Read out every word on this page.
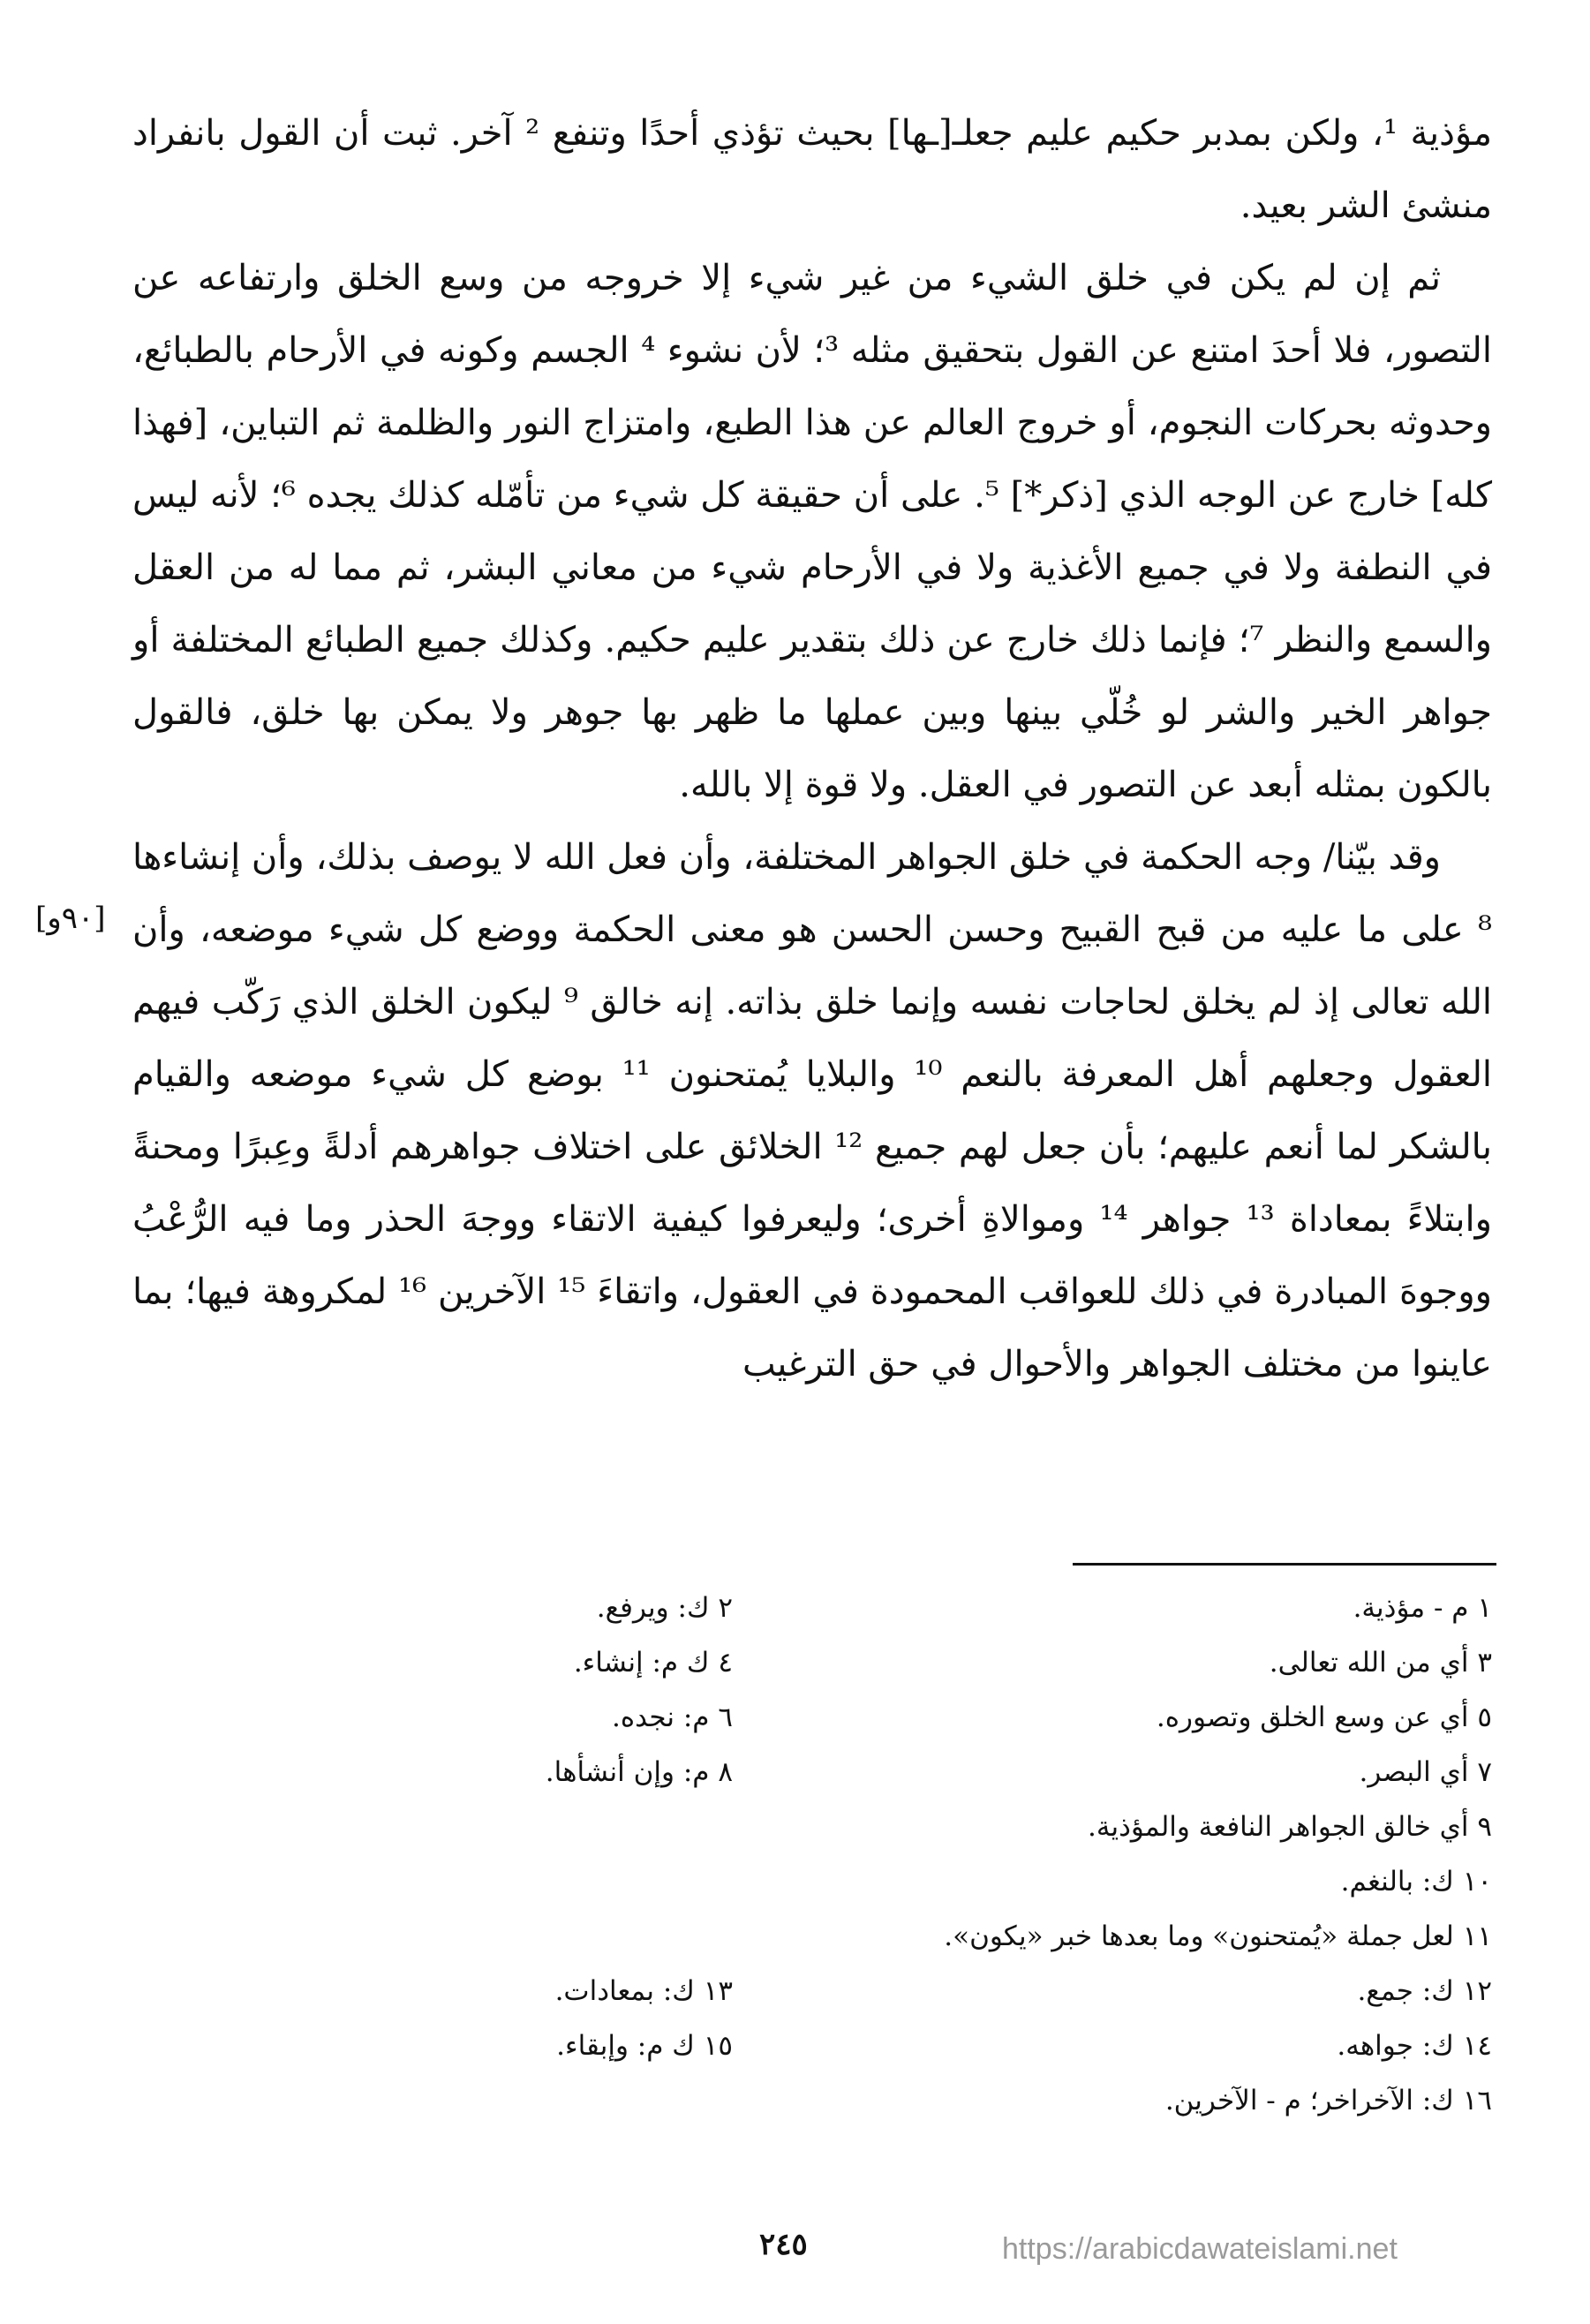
مؤذية ¹، ولكن بمدبر حكيم عليم جعلـ[ـها] بحيث تؤذي أحدًا وتنفع ² آخر. ثبت أن القول بانفراد منشئ الشر بعيد.

ثم إن لم يكن في خلق الشيء من غير شيء إلا خروجه من وسع الخلق وارتفاعه عن التصور، فلا أحدَ امتنع عن القول بتحقيق مثله ³؛ لأن نشوء ⁴ الجسم وكونه في الأرحام بالطبائع، وحدوثه بحركات النجوم، أو خروج العالم عن هذا الطبع، وامتزاج النور والظلمة ثم التباين، [فهذا كله] خارج عن الوجه الذي [ذكر*] ⁵. على أن حقيقة كل شيء من تأمّله كذلك يجده ⁶؛ لأنه ليس في النطفة ولا في جميع الأغذية ولا في الأرحام شيء من معاني البشر، ثم مما له من العقل والسمع والنظر ⁷؛ فإنما ذلك خارج عن ذلك بتقدير عليم حكيم. وكذلك جميع الطبائع المختلفة أو جواهر الخير والشر لو خُلّي بينها وبين عملها ما ظهر بها جوهر ولا يمكن بها خلق، فالقول بالكون بمثله أبعد عن التصور في العقل. ولا قوة إلا بالله.

وقد بيّنا/ وجه الحكمة في خلق الجواهر المختلفة، وأن فعل الله لا يوصف بذلك، وأن إنشاءها ⁸ على ما عليه من قبح القبيح وحسن الحسن هو معنى الحكمة ووضع كل شيء موضعه، وأن الله تعالى إذ لم يخلق لحاجات نفسه وإنما خلق بذاته. إنه خالق ⁹ ليكون الخلق الذي رَكّب فيهم العقول وجعلهم أهل المعرفة بالنعم ¹⁰ والبلايا يُمتحنون ¹¹ بوضع كل شيء موضعه والقيام بالشكر لما أنعم عليهم؛ بأن جعل لهم جميع ¹² الخلائق على اختلاف جواهرهم أدلةً وعِبرًا ومحنةً وابتلاءً بمعاداة ¹³ جواهر ¹⁴ وموالاةِ أخرى؛ وليعرفوا كيفية الاتقاء ووجهَ الحذر وما فيه الرُّعْبُ ووجوهَ المبادرة في ذلك للعواقب المحمودة في العقول، واتقاءَ ¹⁵ الآخرين ¹⁶ لمكروهة فيها؛ بما عاينوا من مختلف الجواهر والأحوال في حق الترغيب

[٩٠و]
١ م - مؤذية.
٢ ك: ويرفع.
٣ أي من الله تعالى.
٤ ك م: إنشاء.
٥ أي عن وسع الخلق وتصوره.
٦ م: نجده.
٧ أي البصر.
٨ م: وإن أنشأها.
٩ أي خالق الجواهر النافعة والمؤذية.
١٠ ك: بالنغم.
١١ لعل جملة «يُمتحنون» وما بعدها خبر «يكون».
١٢ ك: جمع.
١٣ ك: بمعادات.
١٤ ك: جواهه.
١٥ ك م: وإبقاء.
١٦ ك: الآخراخر؛ م - الآخرين.
٢٤٥	https://arabicdawateislami.net
